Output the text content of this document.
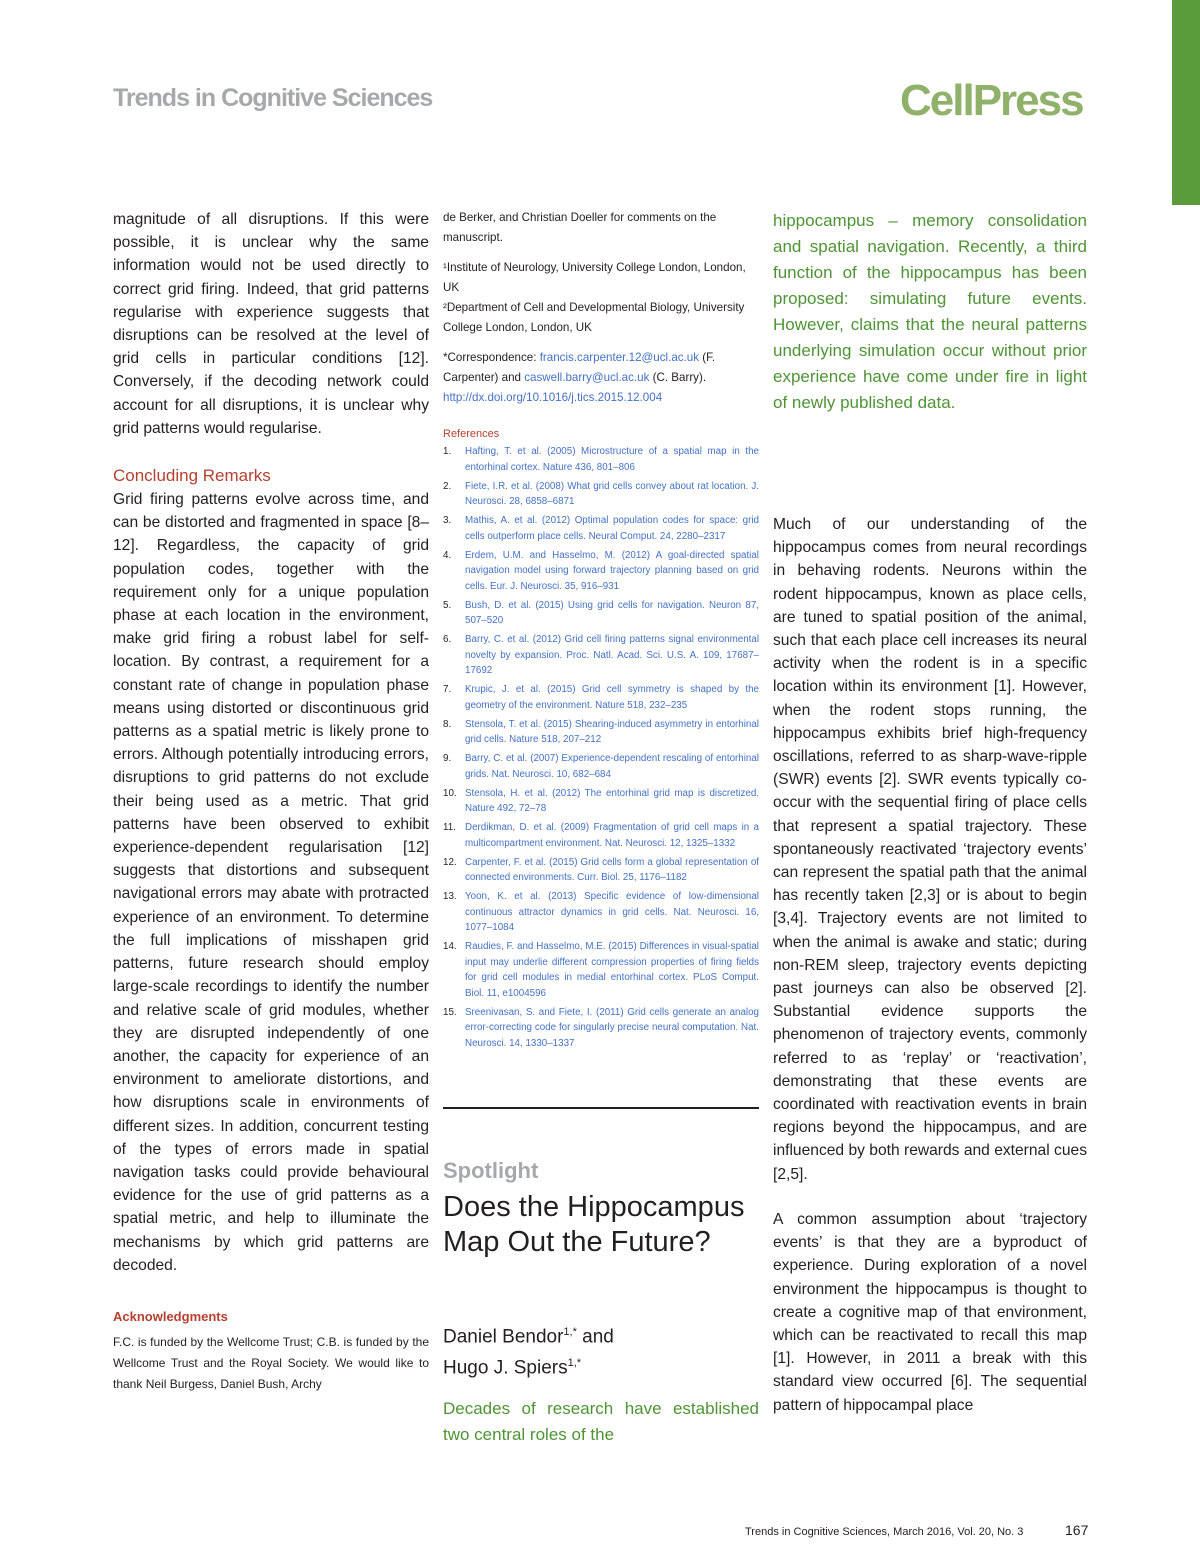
Trends in Cognitive Sciences	CellPress

magnitude of all disruptions. If this were possible, it is unclear why the same information would not be used directly to correct grid firing. Indeed, that grid patterns regularise with experience suggests that disruptions can be resolved at the level of grid cells in particular conditions [12]. Conversely, if the decoding network could account for all disruptions, it is unclear why grid patterns would regularise.

Concluding Remarks

Grid firing patterns evolve across time, and can be distorted and fragmented in space [8–12]. Regardless, the capacity of grid population codes, together with the requirement only for a unique population phase at each location in the environment, make grid firing a robust label for self-location. By contrast, a requirement for a constant rate of change in population phase means using distorted or discontinuous grid patterns as a spatial metric is likely prone to errors. Although potentially introducing errors, disruptions to grid patterns do not exclude their being used as a metric. That grid patterns have been observed to exhibit experience-dependent regularisation [12] suggests that distortions and subsequent navigational errors may abate with protracted experience of an environment. To determine the full implications of misshapen grid patterns, future research should employ large-scale recordings to identify the number and relative scale of grid modules, whether they are disrupted independently of one another, the capacity for experience of an environment to ameliorate distortions, and how disruptions scale in environments of different sizes. In addition, concurrent testing of the types of errors made in spatial navigation tasks could provide behavioural evidence for the use of grid patterns as a spatial metric, and help to illuminate the mechanisms by which grid patterns are decoded.

Acknowledgments

F.C. is funded by the Wellcome Trust; C.B. is funded by the Wellcome Trust and the Royal Society. We would like to thank Neil Burgess, Daniel Bush, Archy

de Berker, and Christian Doeller for comments on the manuscript.

¹Institute of Neurology, University College London, London, UK

²Department of Cell and Developmental Biology, University College London, London, UK

*Correspondence: francis.carpenter.12@ucl.ac.uk (F. Carpenter) and caswell.barry@ucl.ac.uk (C. Barry).

http://dx.doi.org/10.1016/j.tics.2015.12.004

References

1.	Hafting, T. et al. (2005) Microstructure of a spatial map in the entorhinal cortex. Nature 436, 801–806
2.	Fiete, I.R. et al. (2008) What grid cells convey about rat location. J. Neurosci. 28, 6858–6871
3.	Mathis, A. et al. (2012) Optimal population codes for space: grid cells outperform place cells. Neural Comput. 24, 2280–2317
4.	Erdem, U.M. and Hasselmo, M. (2012) A goal-directed spatial navigation model using forward trajectory planning based on grid cells. Eur. J. Neurosci. 35, 916–931
5.	Bush, D. et al. (2015) Using grid cells for navigation. Neuron 87, 507–520
6.	Barry, C. et al. (2012) Grid cell firing patterns signal environmental novelty by expansion. Proc. Natl. Acad. Sci. U.S. A. 109, 17687–17692
7.	Krupic, J. et al. (2015) Grid cell symmetry is shaped by the geometry of the environment. Nature 518, 232–235
8.	Stensola, T. et al. (2015) Shearing-induced asymmetry in entorhinal grid cells. Nature 518, 207–212
9.	Barry, C. et al. (2007) Experience-dependent rescaling of entorhinal grids. Nat. Neurosci. 10, 682–684
10. Stensola, H. et al. (2012) The entorhinal grid map is discretized. Nature 492, 72–78
11. Derdikman, D. et al. (2009) Fragmentation of grid cell maps in a multicompartment environment. Nat. Neurosci. 12, 1325–1332
12. Carpenter, F. et al. (2015) Grid cells form a global representation of connected environments. Curr. Biol. 25, 1176–1182
13. Yoon, K. et al. (2013) Specific evidence of low-dimensional continuous attractor dynamics in grid cells. Nat. Neurosci. 16, 1077–1084
14. Raudies, F. and Hasselmo, M.E. (2015) Differences in visual-spatial input may underlie different compression properties of firing fields for grid cell modules in medial entorhinal cortex. PLoS Comput. Biol. 11, e1004596
15. Sreenivasan, S. and Fiete, I. (2011) Grid cells generate an analog error-correcting code for singularly precise neural computation. Nat. Neurosci. 14, 1330–1337
Spotlight
Does the Hippocampus Map Out the Future?
Daniel Bendor$^{1,*}$ and
Hugo J. Spiers$^{1,*}$
Decades of research have established two central roles of the
hippocampus – memory consolidation and spatial navigation. Recently, a third function of the hippocampus has been proposed: simulating future events. However, claims that the neural patterns underlying simulation occur without prior experience have come under fire in light of newly published data.

Much of our understanding of the hippocampus comes from neural recordings in behaving rodents. Neurons within the rodent hippocampus, known as place cells, are tuned to spatial position of the animal, such that each place cell increases its neural activity when the rodent is in a specific location within its environment [1]. However, when the rodent stops running, the hippocampus exhibits brief high-frequency oscillations, referred to as sharp-wave-ripple (SWR) events [2]. SWR events typically co-occur with the sequential firing of place cells that represent a spatial trajectory. These spontaneously reactivated ‘trajectory events’ can represent the spatial path that the animal has recently taken [2,3] or is about to begin [3,4]. Trajectory events are not limited to when the animal is awake and static; during non-REM sleep, trajectory events depicting past journeys can also be observed [2]. Substantial evidence supports the phenomenon of trajectory events, commonly referred to as ‘replay’ or ‘reactivation’, demonstrating that these events are coordinated with reactivation events in brain regions beyond the hippocampus, and are influenced by both rewards and external cues [2,5].

A common assumption about ‘trajectory events’ is that they are a byproduct of experience. During exploration of a novel environment the hippocampus is thought to create a cognitive map of that environment, which can be reactivated to recall this map [1]. However, in 2011 a break with this standard view occurred [6]. The sequential pattern of hippocampal place

Trends in Cognitive Sciences, March 2016, Vol. 20, No. 3	167
